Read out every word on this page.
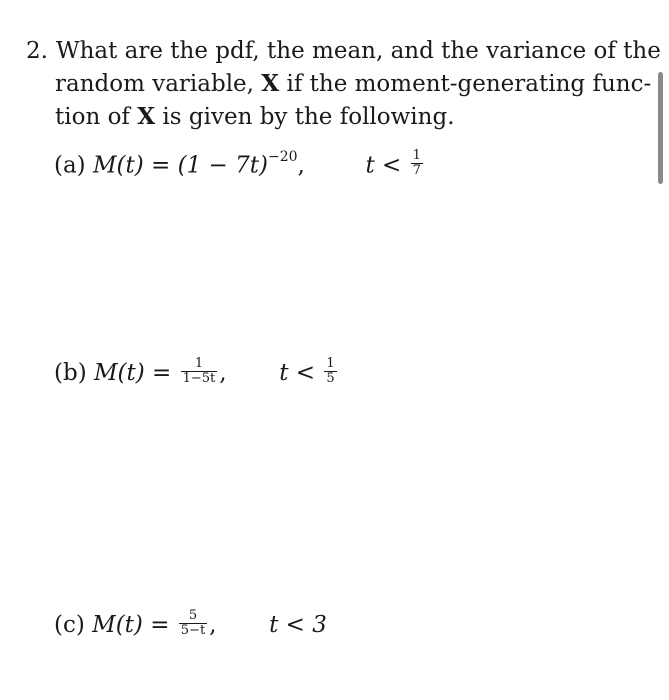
2. What are the pdf, the mean, and the variance of the
random variable, X if the moment-generating func-
tion of X is given by the following.
(a) $M(t) = (1 - 7t)^{-20}$,	$t < \frac{1}{7}$
(b) $M(t) = \frac{1}{1-5t}$ , $t < \frac{1}{5}$
(c) $M(t) = \frac{5}{5-t}$ , t < 3
